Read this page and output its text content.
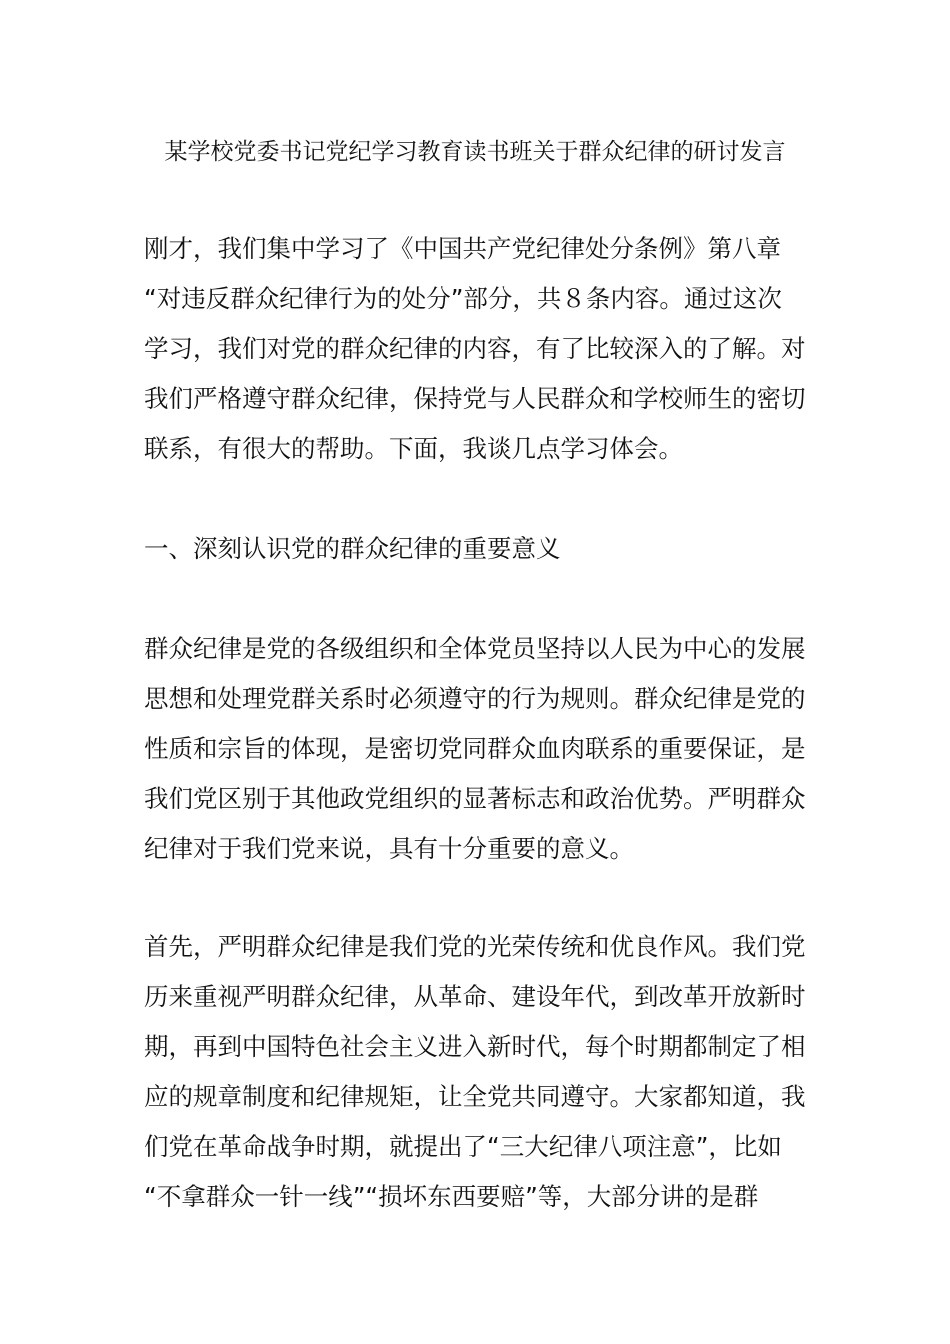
某学校党委书记党纪学习教育读书班关于群众纪律的研讨发言
刚才，我们集中学习了《中国共产党纪律处分条例》第八章
“对违反群众纪律行为的处分”部分，共８条内容。通过这次
学习，我们对党的群众纪律的内容，有了比较深入的了解。对
我们严格遵守群众纪律，保持党与人民群众和学校师生的密切
联系，有很大的帮助。下面，我谈几点学习体会。
一、深刻认识党的群众纪律的重要意义
群众纪律是党的各级组织和全体党员坚持以人民为中心的发展
思想和处理党群关系时必须遵守的行为规则。群众纪律是党的
性质和宗旨的体现，是密切党同群众血肉联系的重要保证，是
我们党区别于其他政党组织的显著标志和政治优势。严明群众
纪律对于我们党来说，具有十分重要的意义。
首先，严明群众纪律是我们党的光荣传统和优良作风。我们党
历来重视严明群众纪律，从革命、建设年代，到改革开放新时
期，再到中国特色社会主义进入新时代，每个时期都制定了相
应的规章制度和纪律规矩，让全党共同遵守。大家都知道，我
们党在革命战争时期，就提出了“三大纪律八项注意”，比如
“不拿群众一针一线”“损坏东西要赔”等，大部分讲的是群
